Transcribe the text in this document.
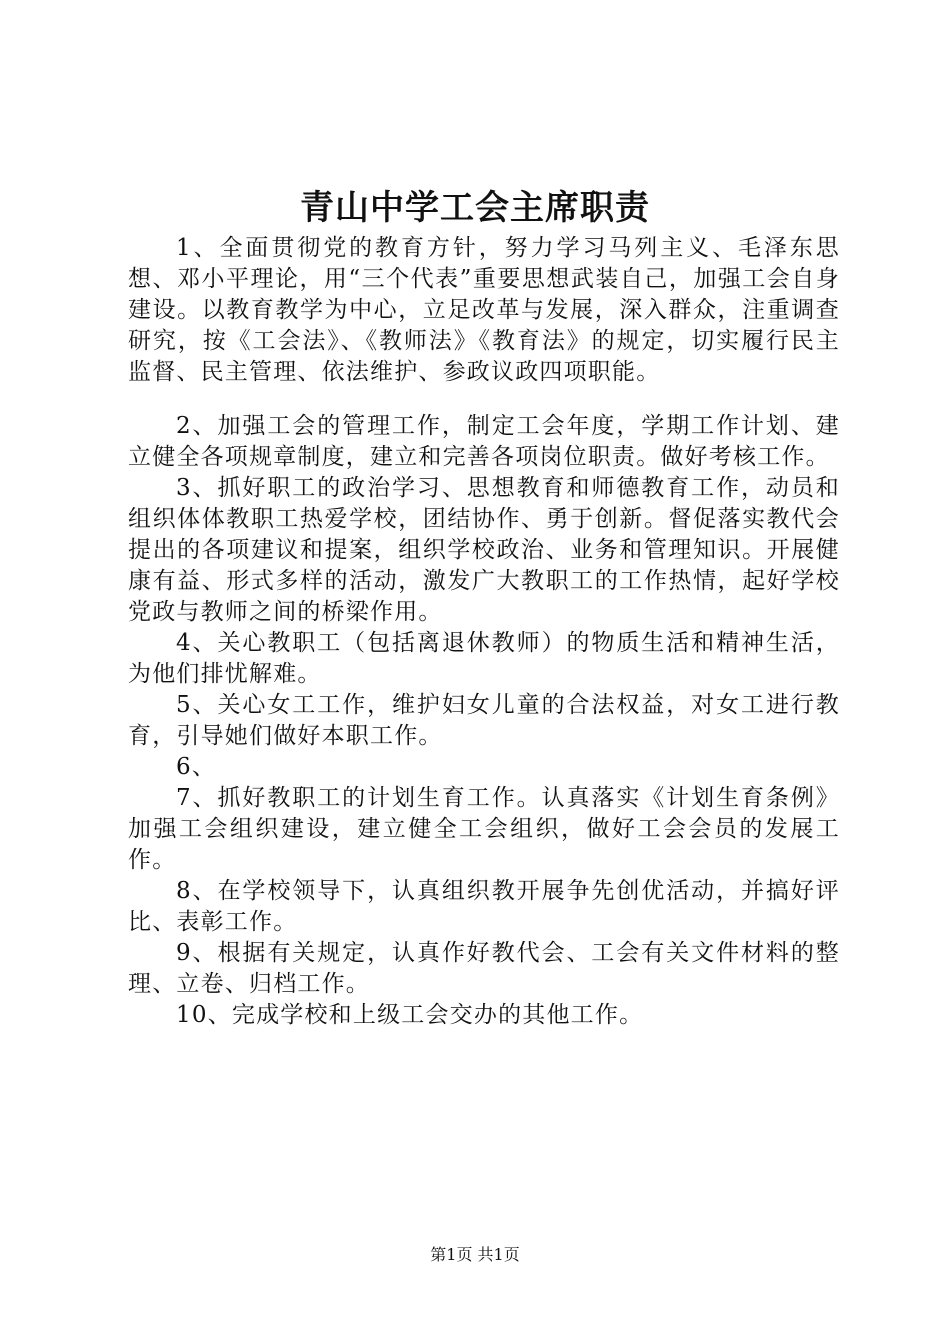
青山中学工会主席职责

1、全面贯彻党的教育方针，努力学习马列主义、毛泽东思想、邓小平理论，用“三个代表”重要思想武装自己，加强工会自身建设。以教育教学为中心，立足改革与发展，深入群众，注重调查研究，按《工会法》、《教师法》《教育法》的规定，切实履行民主监督、民主管理、依法维护、参政议政四项职能。

2、加强工会的管理工作，制定工会年度，学期工作计划、建立健全各项规章制度，建立和完善各项岗位职责。做好考核工作。

3、抓好职工的政治学习、思想教育和师德教育工作，动员和组织体体教职工热爱学校，团结协作、勇于创新。督促落实教代会提出的各项建议和提案，组织学校政治、业务和管理知识。开展健康有益、形式多样的活动，激发广大教职工的工作热情，起好学校党政与教师之间的桥梁作用。

4、关心教职工（包括离退休教师）的物质生活和精神生活，为他们排忧解难。

5、关心女工工作，维护妇女儿童的合法权益，对女工进行教育，引导她们做好本职工作。

6、

7、抓好教职工的计划生育工作。认真落实《计划生育条例》加强工会组织建设，建立健全工会组织，做好工会会员的发展工作。

8、在学校领导下，认真组织教开展争先创优活动，并搞好评比、表彰工作。

9、根据有关规定，认真作好教代会、工会有关文件材料的整理、立卷、归档工作。

10、完成学校和上级工会交办的其他工作。

第1页 共1页
